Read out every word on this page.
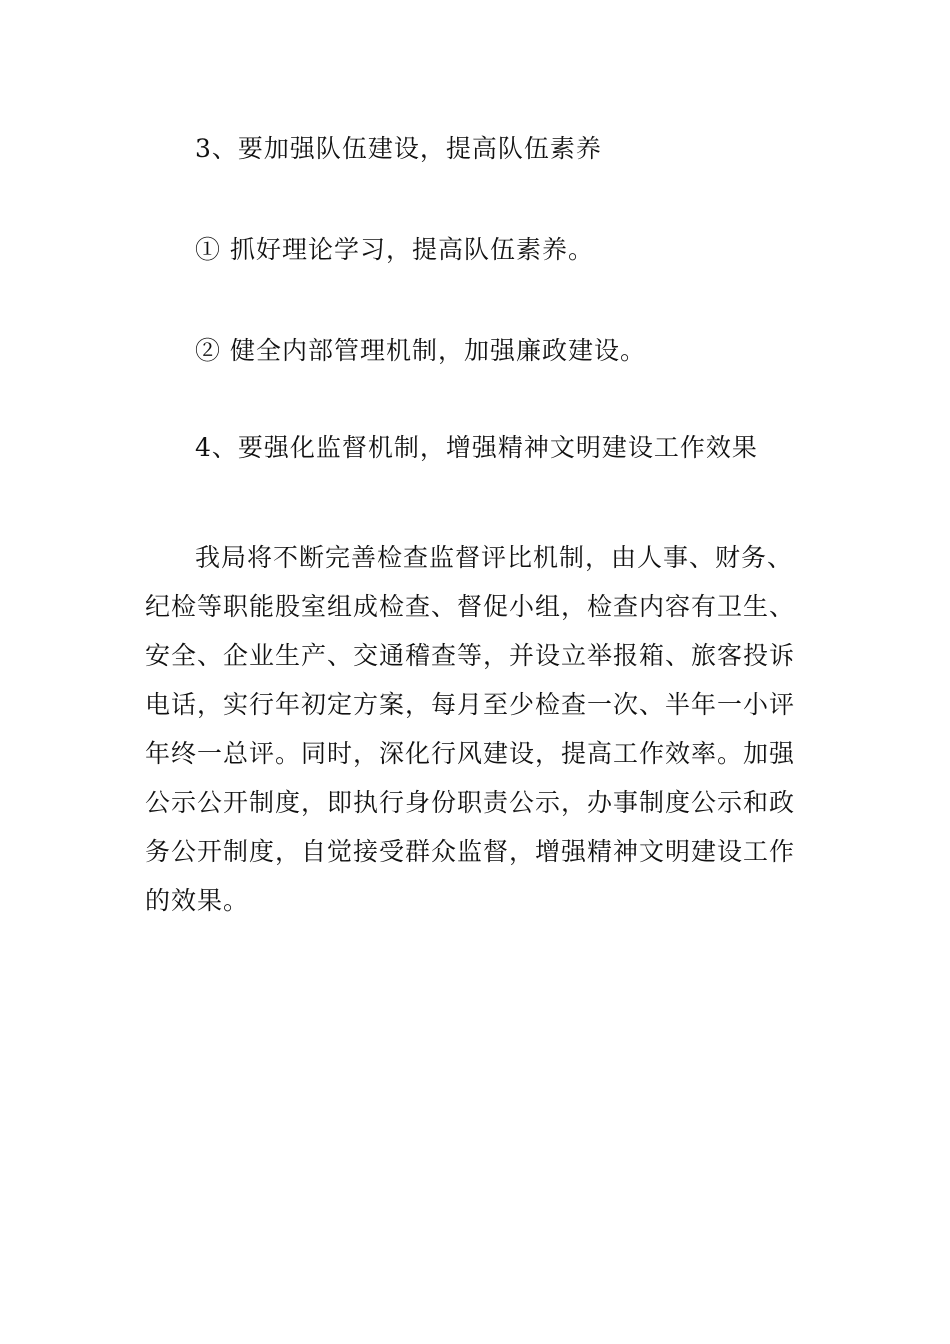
3、要加强队伍建设，提高队伍素养
① 抓好理论学习，提高队伍素养。
② 健全内部管理机制，加强廉政建设。
4、要强化监督机制，增强精神文明建设工作效果
我局将不断完善检查监督评比机制，由人事、财务、
纪检等职能股室组成检查、督促小组，检查内容有卫生、
安全、企业生产、交通稽查等，并设立举报箱、旅客投诉
电话，实行年初定方案，每月至少检查一次、半年一小评
年终一总评。同时，深化行风建设，提高工作效率。加强
公示公开制度，即执行身份职责公示，办事制度公示和政
务公开制度，自觉接受群众监督，增强精神文明建设工作
的效果。
